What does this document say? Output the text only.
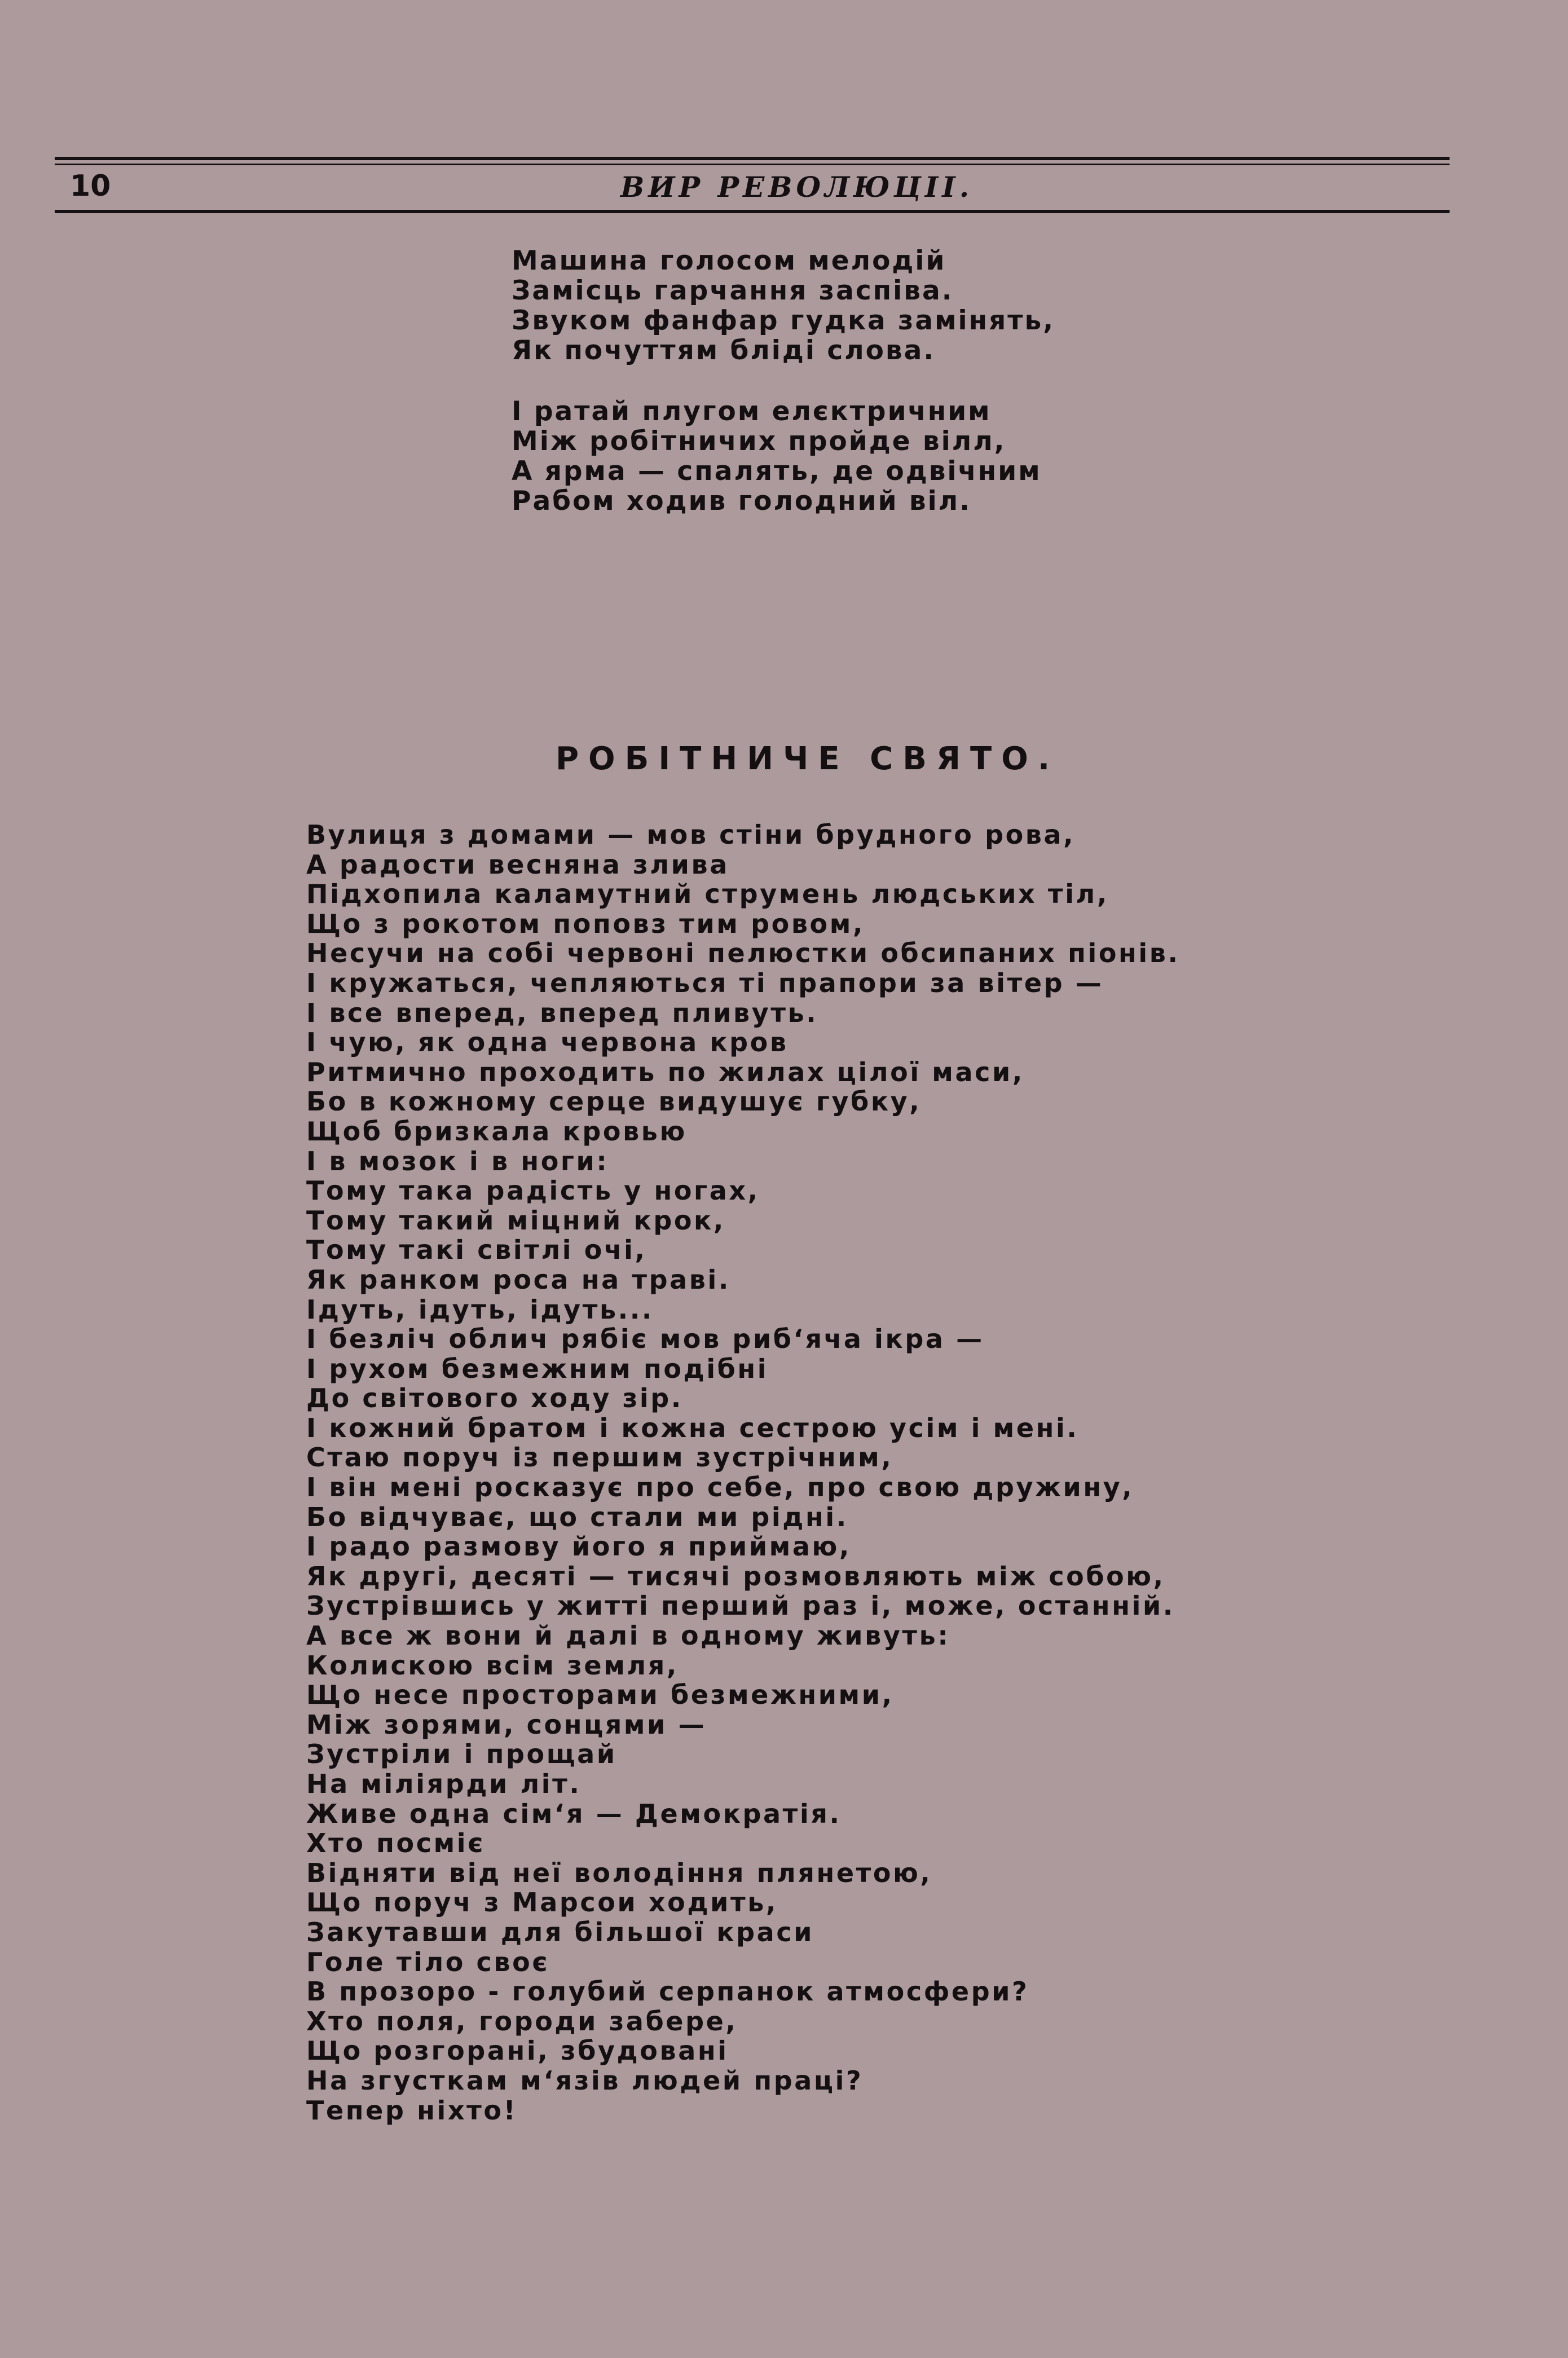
10	ВИР РЕВОЛЮЦІІ.
Машина голосом мелодій
Замісць гарчання заспіва.
Звуком фанфар гудка замінять,
Як почуттям бліді слова.
І ратай плугом елєктричним
Між робітничих пройде вілл,
А ярма — спалять, де одвічним
Рабом ходив голодний віл.
РОБІТНИЧЕ СВЯТО.
Вулиця з домами — мов стіни брудного рова,
А радости весняна злива
Підхопила каламутний струмень людських тіл,
Що з рокотом поповз тим ровом,
Несучи на собі червоні пелюстки обсипаних піонів.
І кружаться, чепляються ті прапори за вітер —
І все вперед, вперед пливуть.
І чую, як одна червона кров
Ритмично проходить по жилах цілої маси,
Бо в кожному серце видушує губку,
Щоб бризкала кровью
І в мозок і в ноги:
Тому така радість у ногах,
Тому такий міцний крок,
Тому такі світлі очі,
Як ранком роса на траві.
Ідуть, ідуть, ідуть...
І безліч облич рябіє мов риб‘яча ікра —
І рухом безмежним подібні
До світового ходу зір.
І кожний братом і кожна сестрою усім і мені.
Стаю поруч із першим зустрічним,
І він мені росказує про себе, про свою дружину,
Бо відчуває, що стали ми рідні.
І радо размову його я приймаю,
Як другі, десяті — тисячі розмовляють між собою,
Зустрівшись у житті перший раз і, може, останній.
А все ж вони й далі в одному живуть:
Колискою всім земля,
Що несе просторами безмежними,
Між зорями, сонцями —
Зустріли і прощай
На міліярди літ.
Живе одна сім‘я — Демократія.
Хто посміє
Відняти від неї володіння плянетою,
Що поруч з Марсои ходить,
Закутавши для більшої краси
Голе тіло своє
В прозоро - голубий серпанок атмосфери?
Хто поля, городи забере,
Що розгорані, збудовані
На згусткам м‘язів людей праці?
Тепер ніхто!
